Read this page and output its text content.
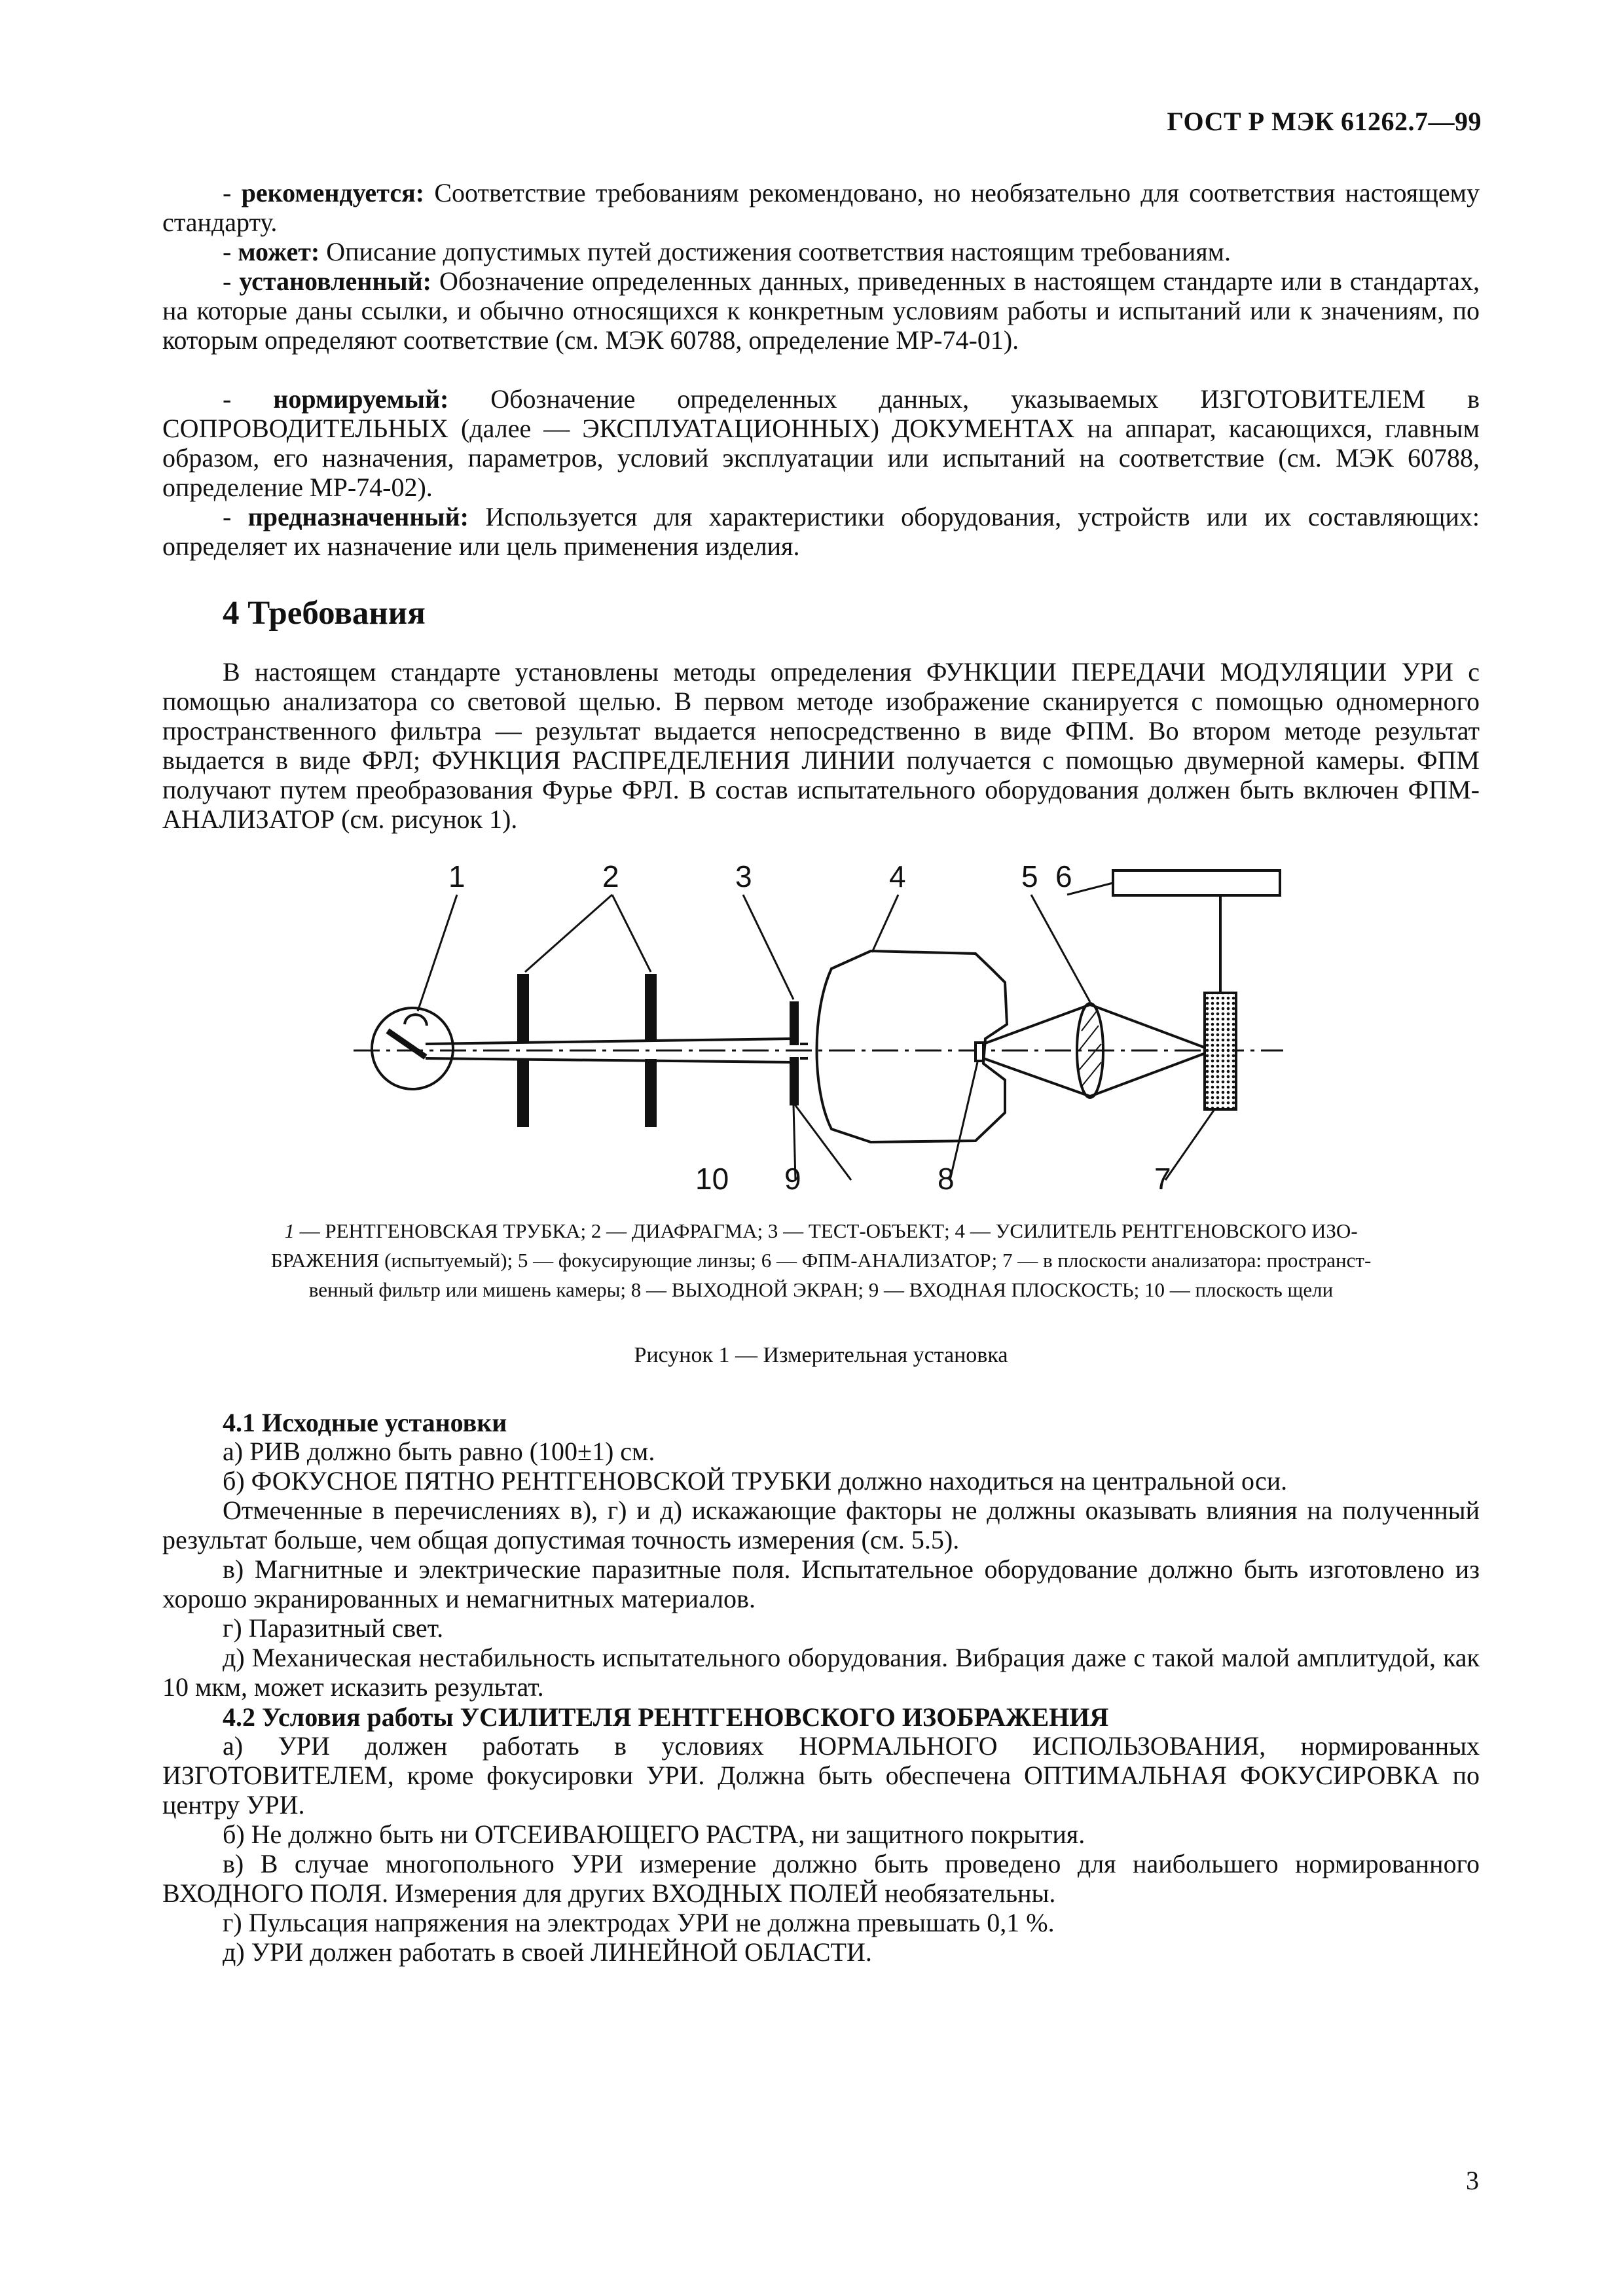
ГОСТ Р МЭК 61262.7—99

- рекомендуется: Соответствие требованиям рекомендовано, но необязательно для соответствия настоящему стандарту.

- может: Описание допустимых путей достижения соответствия настоящим требованиям.

- установленный: Обозначение определенных данных, приведенных в настоящем стандарте или в стандартах, на которые даны ссылки, и обычно относящихся к конкретным условиям работы и испытаний или к значениям, по которым определяют соответствие (см. МЭК 60788, определение МР-74-01).

- нормируемый: Обозначение определенных данных, указываемых ИЗГОТОВИТЕЛЕМ в СОПРОВОДИТЕЛЬНЫХ (далее — ЭКСПЛУАТАЦИОННЫХ) ДОКУМЕНТАХ на аппарат, касающихся, главным образом, его назначения, параметров, условий эксплуатации или испытаний на соответствие (см. МЭК 60788, определение МР-74-02).

- предназначенный: Используется для характеристики оборудования, устройств или их составляющих: определяет их назначение или цель применения изделия.

4 Требования

В настоящем стандарте установлены методы определения ФУНКЦИИ ПЕРЕДАЧИ МОДУЛЯЦИИ УРИ с помощью анализатора со световой щелью. В первом методе изображение сканируется с помощью одномерного пространственного фильтра — результат выдается непосредственно в виде ФПМ. Во втором методе результат выдается в виде ФРЛ; ФУНКЦИЯ РАСПРЕДЕЛЕНИЯ ЛИНИИ получается с помощью двумерной камеры. ФПМ получают путем преобразования Фурье ФРЛ. В состав испытательного оборудования должен быть включен ФПМ-АНАЛИЗАТОР (см. рисунок 1).

1	2	3	4	5 6
7
8
9
10

1 — РЕНТГЕНОВСКАЯ ТРУБКА; 2 — ДИАФРАГМА; 3 — ТЕСТ-ОБЪЕКТ; 4 — УСИЛИТЕЛЬ РЕНТГЕНОВСКОГО ИЗО-

БРАЖЕНИЯ (испытуемый); 5 — фокусирующие линзы; 6 — ФПМ-АНАЛИЗАТОР; 7 — в плоскости анализатора: пространст-

венный фильтр или мишень камеры; 8 — ВЫХОДНОЙ ЭКРАН; 9 — ВХОДНАЯ ПЛОСКОСТЬ; 10 — плоскость щели

Рисунок 1 — Измерительная установка

4.1 Исходные установки

а) РИВ должно быть равно (100±1) см.

б) ФОКУСНОЕ ПЯТНО РЕНТГЕНОВСКОЙ ТРУБКИ должно находиться на центральной оси.

Отмеченные в перечислениях в), г) и д) искажающие факторы не должны оказывать влияния на полученный результат больше, чем общая допустимая точность измерения (см. 5.5).

в) Магнитные и электрические паразитные поля. Испытательное оборудование должно быть изготовлено из хорошо экранированных и немагнитных материалов.

г) Паразитный свет.

д) Механическая нестабильность испытательного оборудования. Вибрация даже с такой малой амплитудой, как 10 мкм, может исказить результат.

4.2 Условия работы УСИЛИТЕЛЯ РЕНТГЕНОВСКОГО ИЗОБРАЖЕНИЯ

а) УРИ должен работать в условиях НОРМАЛЬНОГО ИСПОЛЬЗОВАНИЯ, нормированных ИЗГОТОВИТЕЛЕМ, кроме фокусировки УРИ. Должна быть обеспечена ОПТИМАЛЬНАЯ ФОКУСИРОВКА по центру УРИ.

б) Не должно быть ни ОТСЕИВАЮЩЕГО РАСТРА, ни защитного покрытия.

в) В случае многопольного УРИ измерение должно быть проведено для наибольшего нормированного ВХОДНОГО ПОЛЯ. Измерения для других ВХОДНЫХ ПОЛЕЙ необязательны.

г) Пульсация напряжения на электродах УРИ не должна превышать 0,1 %.

д) УРИ должен работать в своей ЛИНЕЙНОЙ ОБЛАСТИ.

3
